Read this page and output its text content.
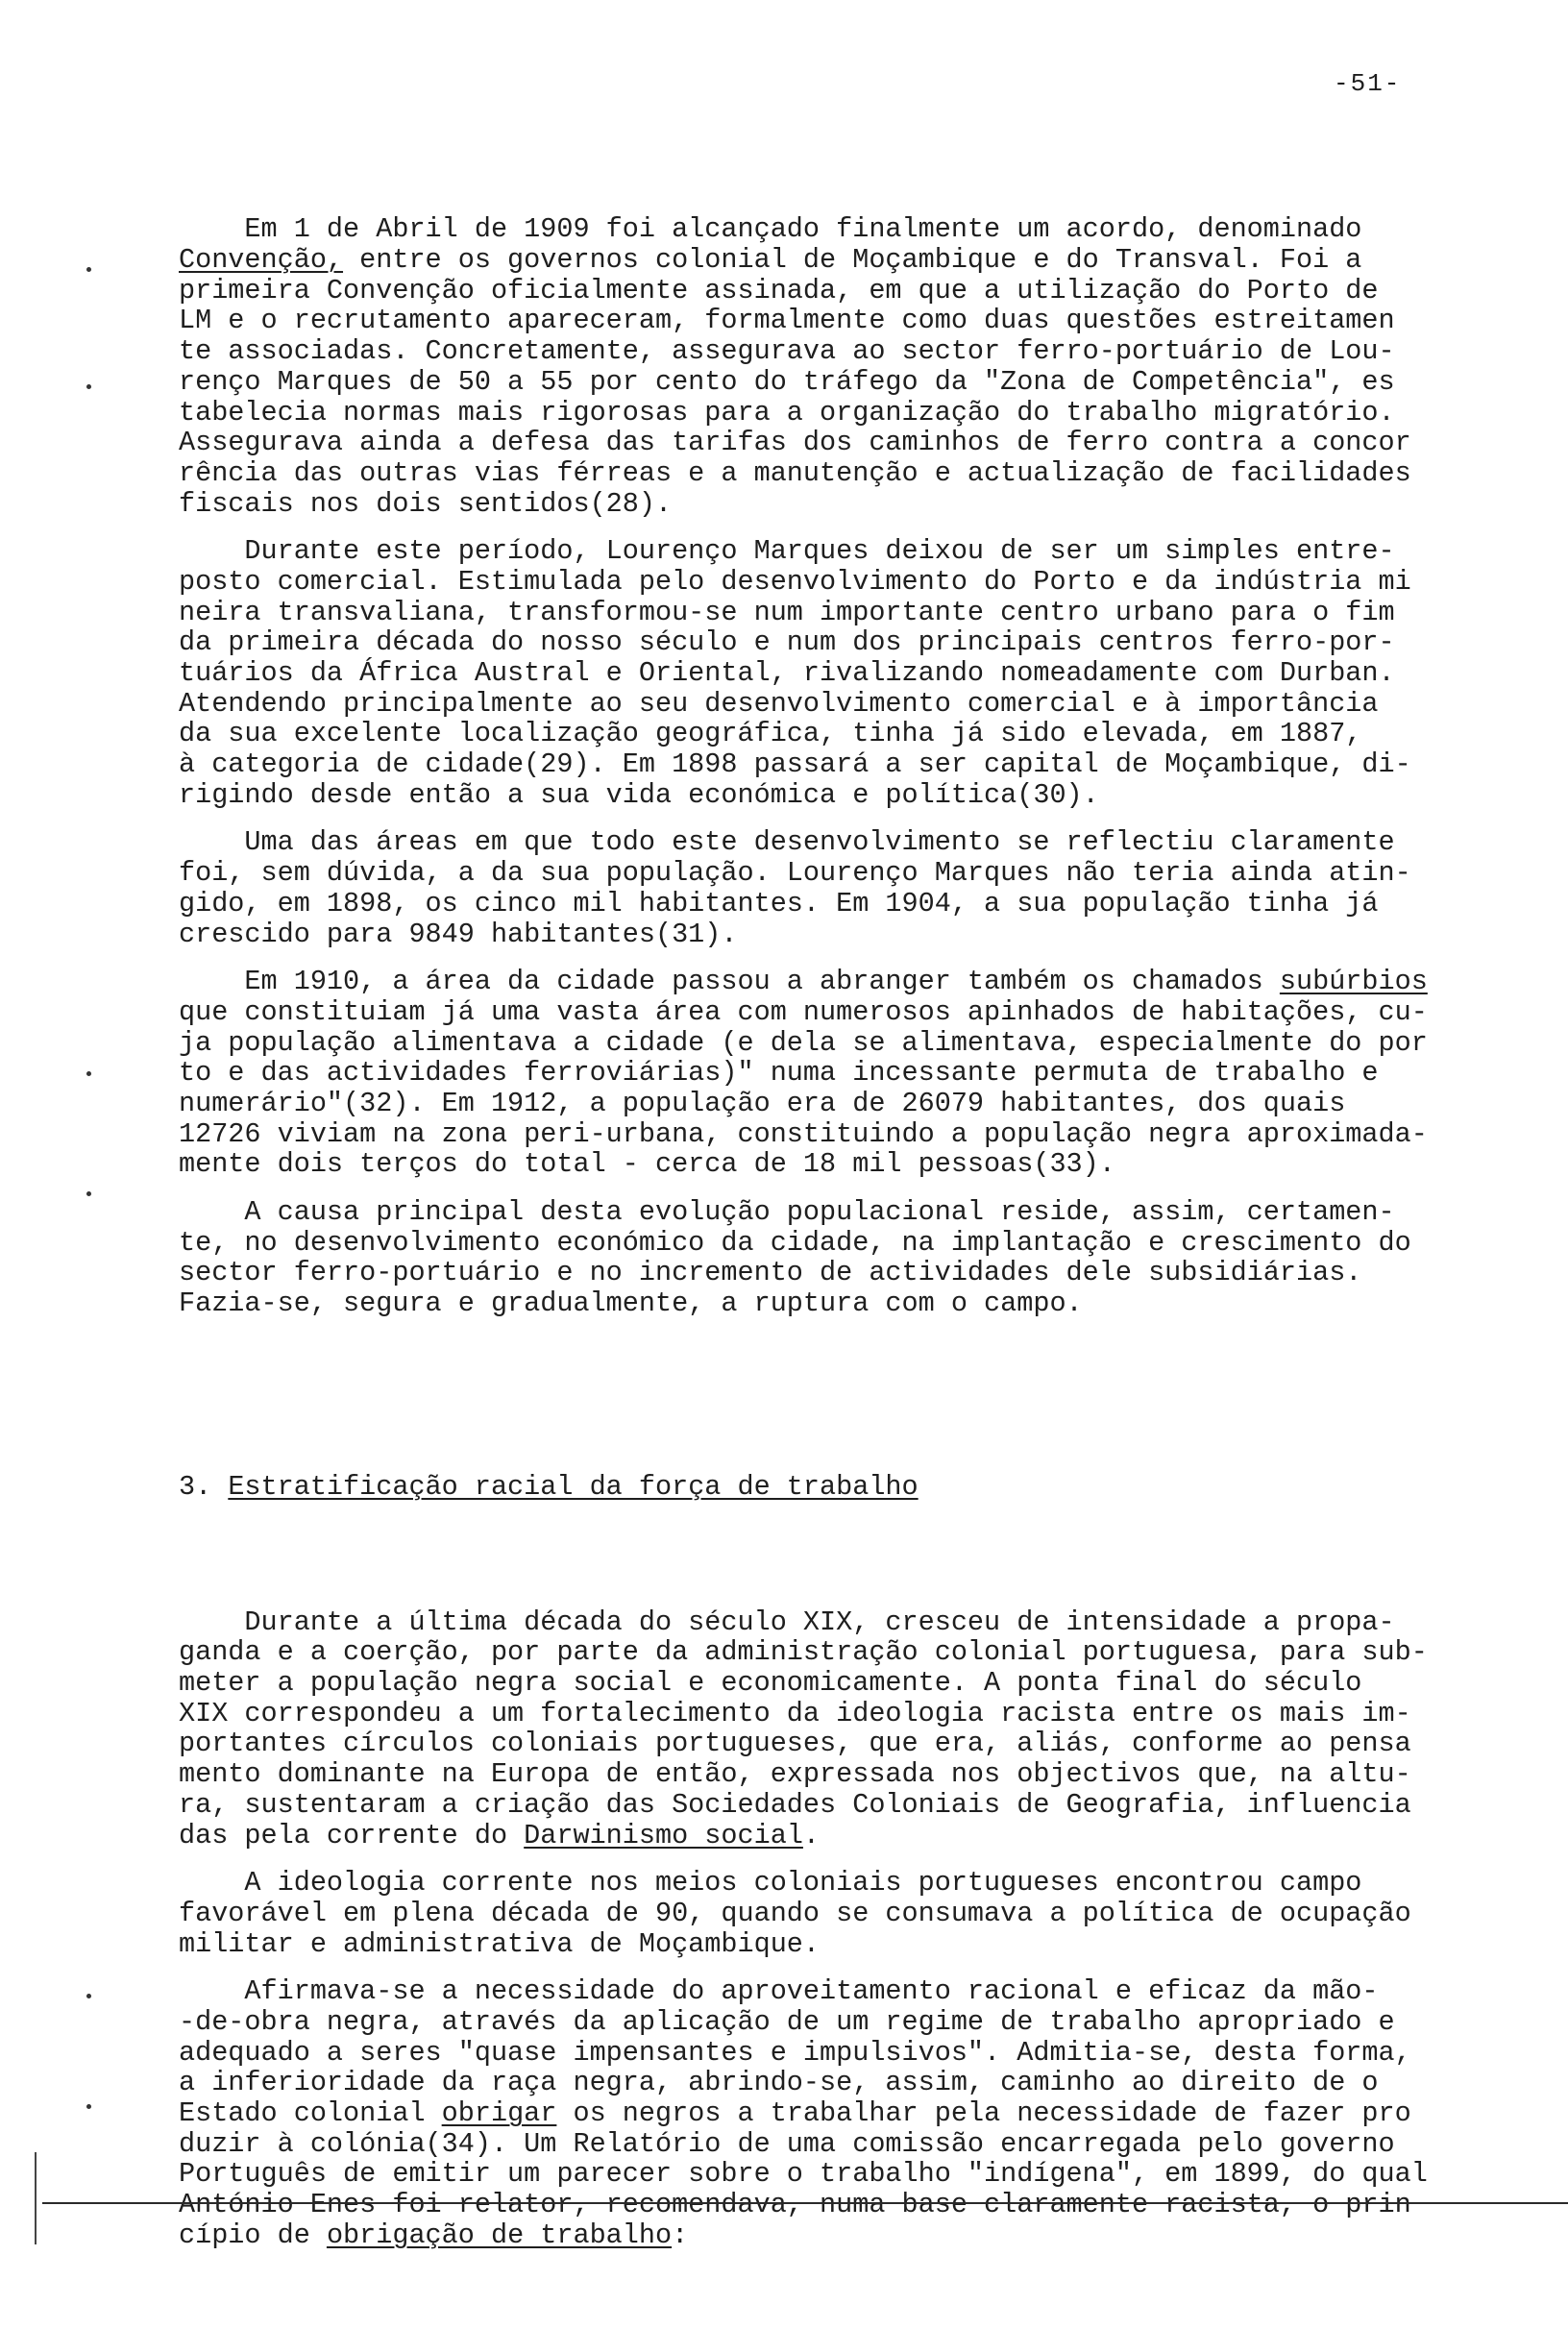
-51-

Em 1 de Abril de 1909 foi alcançado finalmente um acordo, denominado
Convenção, entre os governos colonial de Moçambique e do Transval. Foi a
primeira Convenção oficialmente assinada, em que a utilização do Porto de
LM e o recrutamento apareceram, formalmente como duas questões estreitamen
te associadas. Concretamente, assegurava ao sector ferro-portuário de Lou-
renço Marques de 50 a 55 por cento do tráfego da "Zona de Competência", es
tabelecia normas mais rigorosas para a organização do trabalho migratório.
Assegurava ainda a defesa das tarifas dos caminhos de ferro contra a concor
rência das outras vias férreas e a manutenção e actualização de facilidades
fiscais nos dois sentidos(28).
Durante este período, Lourenço Marques deixou de ser um simples entre-
posto comercial. Estimulada pelo desenvolvimento do Porto e da indústria mi
neira transvaliana, transformou-se num importante centro urbano para o fim
da primeira década do nosso século e num dos principais centros ferro-por-
tuários da África Austral e Oriental, rivalizando nomeadamente com Durban.
Atendendo principalmente ao seu desenvolvimento comercial e à importância
da sua excelente localização geográfica, tinha já sido elevada, em 1887,
à categoria de cidade(29). Em 1898 passará a ser capital de Moçambique, di-
rigindo desde então a sua vida económica e política(30).
Uma das áreas em que todo este desenvolvimento se reflectiu claramente
foi, sem dúvida, a da sua população. Lourenço Marques não teria ainda atin-
gido, em 1898, os cinco mil habitantes. Em 1904, a sua população tinha já
crescido para 9849 habitantes(31).
Em 1910, a área da cidade passou a abranger também os chamados subúrbios
que constituiam já uma vasta área com numerosos apinhados de habitações, cu-
ja população alimentava a cidade (e dela se alimentava, especialmente do por
to e das actividades ferroviárias)" numa incessante permuta de trabalho e
numerário"(32). Em 1912, a população era de 26079 habitantes, dos quais
12726 viviam na zona peri-urbana, constituindo a população negra aproximada-
mente dois terços do total - cerca de 18 mil pessoas(33).
A causa principal desta evolução populacional reside, assim, certamen-
te, no desenvolvimento económico da cidade, na implantação e crescimento do
sector ferro-portuário e no incremento de actividades dele subsidiárias.
Fazia-se, segura e gradualmente, a ruptura com o campo.

3. Estratificação racial da força de trabalho

Durante a última década do século XIX, cresceu de intensidade a propa-
ganda e a coerção, por parte da administração colonial portuguesa, para sub-
meter a população negra social e economicamente. A ponta final do século
XIX correspondeu a um fortalecimento da ideologia racista entre os mais im-
portantes círculos coloniais portugueses, que era, aliás, conforme ao pensa
mento dominante na Europa de então, expressada nos objectivos que, na altu-
ra, sustentaram a criação das Sociedades Coloniais de Geografia, influencia
das pela corrente do Darwinismo social.
A ideologia corrente nos meios coloniais portugueses encontrou campo
favorável em plena década de 90, quando se consumava a política de ocupação
militar e administrativa de Moçambique.
Afirmava-se a necessidade do aproveitamento racional e eficaz da mão-
-de-obra negra, através da aplicação de um regime de trabalho apropriado e
adequado a seres "quase impensantes e impulsivos". Admitia-se, desta forma,
a inferioridade da raça negra, abrindo-se, assim, caminho ao direito de o
Estado colonial obrigar os negros a trabalhar pela necessidade de fazer pro
duzir à colónia(34). Um Relatório de uma comissão encarregada pelo governo
Português de emitir um parecer sobre o trabalho "indígena", em 1899, do qual
António Enes foi relator, recomendava, numa base claramente racista, o prin
cípio de obrigação de trabalho:
